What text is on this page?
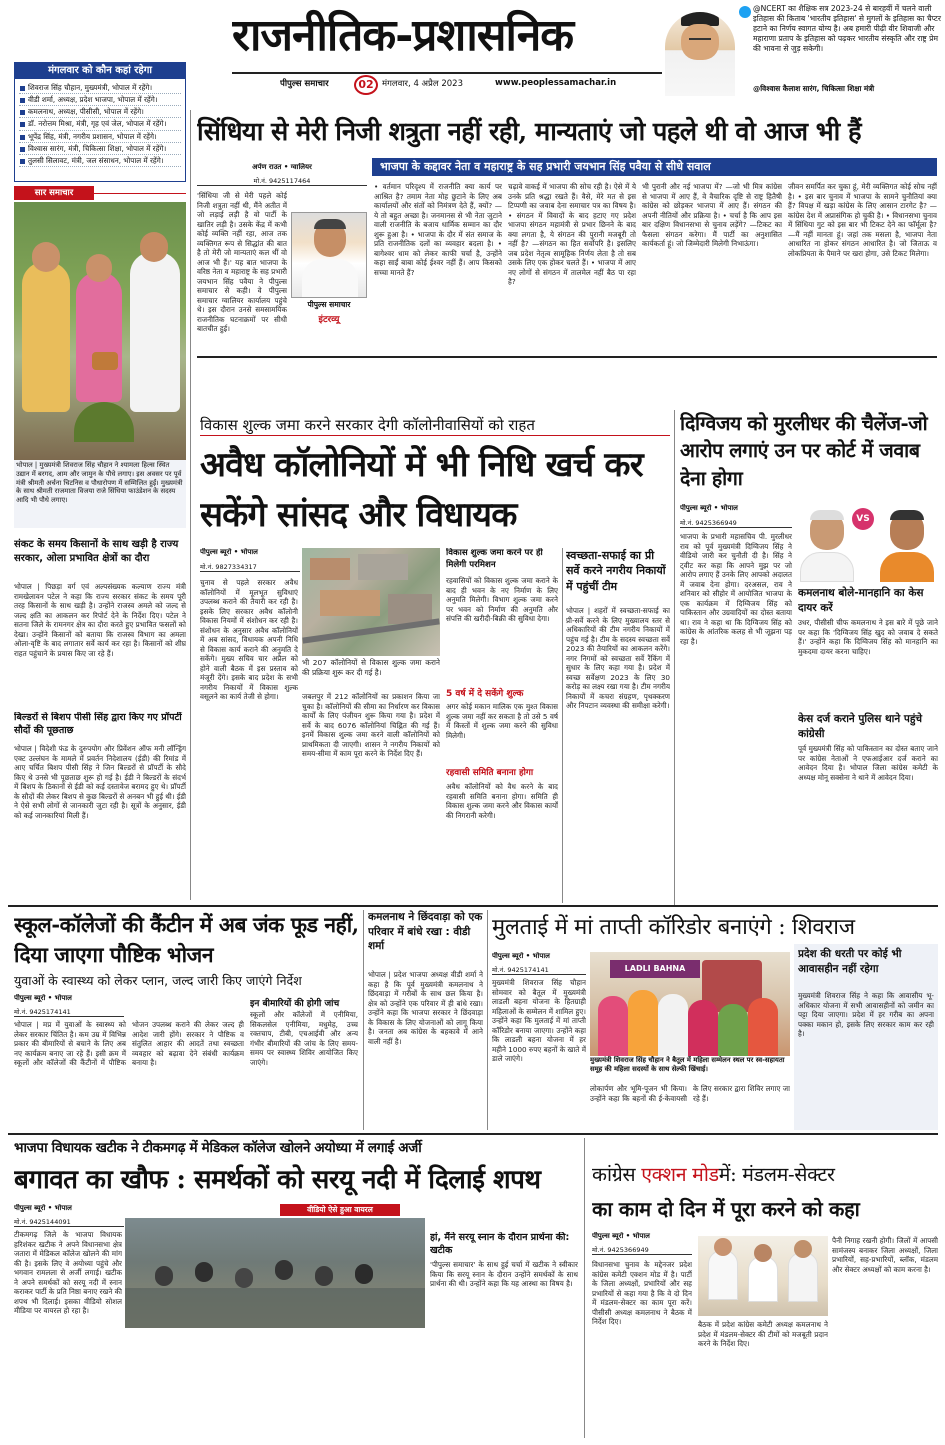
राजनीतिक-प्रशासनिक
पीपुल्स समाचार	02 मंगलवार, 4 अप्रैल 2023	www.peoplessamachar.in
@NCERT का शैक्षिक सत्र 2023-24 से बारहवीं में चलने वाली इतिहास की किताब 'भारतीय इतिहास' से मुगलों के इतिहास का चैप्टर हटाने का निर्णय स्वागत योग्य है। अब हमारी पीढ़ी वीर शिवाजी और महाराणा प्रताप के इतिहास को पढ़कर भारतीय संस्कृति और राष्ट्र प्रेम की भावना से जुड़ सकेगी।
@विश्वास कैलाश सारंग, चिकित्सा शिक्षा मंत्री
मंगलवार को कौन कहां रहेगा
शिवराज सिंह चौहान, मुख्यमंत्री, भोपाल में रहेंगे।
वीडी शर्मा, अध्यक्ष, प्रदेश भाजपा, भोपाल में रहेंगे।
कमलनाथ, अध्यक्ष, पीसीसी, भोपाल में रहेंगे।
डॉ. नरोत्तम मिश्रा, मंत्री, गृह एवं जेल, भोपाल में रहेंगे।
भूपेंद्र सिंह, मंत्री, नगरीय प्रशासन, भोपाल में रहेंगे।
विश्वास सारंग, मंत्री, चिकित्सा शिक्षा, भोपाल में रहेंगे।
तुलसी सिलावट, मंत्री, जल संसाधन, भोपाल में रहेंगे।
सार समाचार
भोपाल | मुख्यमंत्री शिवराज सिंह चौहान ने श्यामला हिल्स स्थित उद्यान में बरगद, आम और जामुन के पौधे लगाए। इस अवसर पर पूर्व मंत्री श्रीमती अर्चना चिटनिस व पौधारोपण में सम्मिलित हुईं। मुख्यमंत्री के साथ श्रीमती राजमाता विजया राजे सिंधिया फाउंडेशन के सदस्य आदि भी पौधे लगाए।
संकट के समय किसानों के साथ खड़ी है राज्य सरकार, ओला प्रभावित क्षेत्रों का दौरा
भोपाल | पिछड़ा वर्ग एवं अल्पसंख्यक कल्याण राज्य मंत्री रामखेलावन पटेल ने कहा कि राज्य सरकार संकट के समय पूरी तरह किसानों के साथ खड़ी है। उन्होंने राजस्व अमले को जल्द से जल्द क्षति का आकलन कर रिपोर्ट देने के निर्देश दिए। पटेल ने सतना जिले के रामनगर क्षेत्र का दौरा करते हुए प्रभावित फसलों को देखा। उन्होंने किसानों को बताया कि राजस्व विभाग का अमला ओला-वृष्टि के बाद लगातार सर्वे कार्य कर रहा है। किसानों को शीघ्र राहत पहुंचाने के प्रयास किए जा रहे हैं।
बिल्डरों से बिशप पीसी सिंह द्वारा किए गए प्रॉपर्टी सौदों की पूछताछ
भोपाल | विदेशी फंड के दुरुपयोग और प्रिवेंशन ऑफ मनी लॉन्ड्रिंग एक्ट उल्लंघन के मामले में प्रवर्तन निदेशालय (ईडी) की रिमांड में आए चर्चित बिशप पीसी सिंह ने जिन बिल्डरों से प्रॉपर्टी के सौदे किए थे उनसे भी पूछताछ शुरू हो गई है। ईडी ने बिल्डरों के संदर्भ में बिशप के ठिकानों से ईडी को कई दस्तावेज बरामद हुए थे। प्रॉपर्टी के सौदों की लेकर बिशप से कुछ बिल्डरों से अनबन भी हुई थी। ईडी ने ऐसे सभी लोगों से जानकारी जुटा रही है। सूत्रों के अनुसार, ईडी को कई जानकारियां मिली हैं।
सिंधिया से मेरी निजी शत्रुता नहीं रही, मान्यताएं जो पहले थी वो आज भी हैं
भाजपा के कद्दावर नेता व महाराष्ट्र के सह प्रभारी जयभान सिंह पवैया से सीधे सवाल
अर्पण राउत • ग्वालियर
मो.नं. 9425117464
'सिंधिया जी से मेरी पहले कोई निजी शत्रुता नहीं थी, मैंने अतीत में जो लड़ाई लड़ी है वो पार्टी के खातिर लड़ी है। उसके केंद्र में कभी कोई व्यक्ति नहीं रहा, आज तक व्यक्तिगत रूप से सिद्धांत की बात है तो मेरी जो मान्यताएं कल थीं वो आज भी हैं।' यह बात भाजपा के वरिष्ठ नेता व महाराष्ट्र के सह प्रभारी जयभान सिंह पवैया ने पीपुल्स समाचार से कही। वे पीपुल्स समाचार ग्वालियर कार्यालय पहुंचे थे। इस दौरान उनसे समसामयिक राजनीतिक घटनाक्रमों पर सीधी बातचीत हुई।
पीपुल्स समाचार
इंटरव्यू
• वर्तमान परिदृश्य में राजनीति क्या कार्य पर आश्रित है? तमाम नेता मोह छुटाने के लिए अब कार्यालयों और संतों को निमंत्रण देते हैं, क्यों? —ये तो बहुत अच्छा है। जनमानस से भी नेता जुटाने वाली राजनीति के बजाय धार्मिक सम्मान का दौर शुरू हुआ है। • भाजपा के दौर में संत समाज के प्रति राजनीतिक दलों का व्यवहार बदला है। • बागेश्वर धाम को लेकर काफी चर्चा है, उन्होंने कहा साईं बाबा कोई ईश्वर नहीं हैं। आप किसको सच्चा मानते हैं?
चढ़ावे वाकई में भाजपा की सोच रही है। ऐसे में ये उनके प्रति श्रद्धा रखते हैं। वैसे, मेरे मत से इस टिप्पणी का जवाब देना समाचार पत्र का विषय है। • संगठन में विवादों के बाद हटाए गए प्रदेश भाजपा संगठन महामंत्री से प्रभार छिनने के बाद क्या लगता है, ये संगठन की पुरानी मजबूरी तो नहीं है? —संगठन का हित सर्वोपरि है। इसलिए जब प्रदेश नेतृत्व सामूहिक निर्णय लेता है तो सब उसके लिए एक होकर चलते हैं। • भाजपा में आए नए लोगों से संगठन में तालमेल नहीं बैठ पा रहा है?
भी पुरानी और नई भाजपा में? —जो भी मित्र कांग्रेस से भाजपा में आए हैं, वे वैचारिक दृष्टि से राष्ट्र हितैषी कांग्रेस को छोड़कर भाजपा में आए हैं। संगठन की अपनी नीतियों और प्रक्रिया है। • चर्चा है कि आप इस बार दक्षिण विधानसभा से चुनाव लड़ेंगे? —टिकट का फैसला संगठन करेगा। मैं पार्टी का अनुशासित कार्यकर्ता हूं। जो जिम्मेदारी मिलेगी निभाऊंगा।
जीवन समर्पित कर चुका हूं, मेरी व्यक्तिगत कोई सोच नहीं है। • इस बार चुनाव में भाजपा के सामने चुनौतियां क्या हैं? विपक्ष में खड़ा कांग्रेस के लिए आसान टारगेट है? —कांग्रेस देश में अप्रासंगिक हो चुकी है। • विधानसभा चुनाव में सिंधिया गुट को इस बार भी टिकट देने का फॉर्मूला है? —मैं नहीं मानता हूं। जहां तक मसला है, भाजपा नेता आधारित ना होकर संगठन आधारित है। जो जिताऊ व लोकप्रियता के पैमाने पर खरा होगा, उसे टिकट मिलेगा।
विकास शुल्क जमा करने सरकार देगी कॉलोनीवासियों को राहत
अवैध कॉलोनियों में भी निधि खर्च कर सकेंगे सांसद और विधायक
पीपुल्स ब्यूरो • भोपाल
मो.नं. 9827334317
भी 207 कॉलोनियों से विकास शुल्क जमा कराने की प्रक्रिया शुरू कर दी गई है।
चुनाव से पहले सरकार अवैध कॉलोनियों में मूलभूत सुविधाएं उपलब्ध कराने की तैयारी कर रही है। इसके लिए सरकार अवैध कॉलोनी विकास नियमों में संशोधन कर रही है। संशोधन के अनुसार अवैध कॉलोनियों में अब सांसद, विधायक अपनी निधि से विकास कार्य कराने की अनुमति दे सकेंगे। मुख्य सचिव चार अप्रैल को होने वाली बैठक में इस प्रस्ताव को मंजूरी देंगे। इसके बाद प्रदेश के सभी नगरीय निकायों में विकास शुल्क वसूलने का कार्य तेजी से होगा।	जबलपुर में 212 कॉलोनियों का प्रकाशन किया जा चुका है। कॉलोनियों की सीमा का निर्धारण कर विकास कार्यों के लिए पंजीयन शुरू किया गया है। प्रदेश में सर्वे के बाद 6076 कॉलोनियां चिह्नित की गई हैं। इनमें विकास शुल्क जमा करने वाली कॉलोनियों को प्राथमिकता दी जाएगी। शासन ने नगरीय निकायों को समय-सीमा में काम पूरा करने के निर्देश दिए हैं।
विकास शुल्क जमा करने पर ही मिलेगी परमिशन
रहवासियों को विकास शुल्क जमा कराने के बाद ही भवन के नए निर्माण के लिए अनुमति मिलेगी। विभाग शुल्क जमा करने पर भवन को निर्माण की अनुमति और संपत्ति की खरीदी-बिक्री की सुविधा देगा।
5 वर्ष में दे सकेंगे शुल्क
अगर कोई मकान मालिक एक मुश्त विकास शुल्क जमा नहीं कर सकता है तो उसे 5 वर्ष में किस्तों में शुल्क जमा करने की सुविधा मिलेगी।
रहवासी समिति बनाना होगा
अवैध कॉलोनियों को वैध करने के बाद रहवासी समिति बनाना होगा। समिति ही विकास शुल्क जमा करने और विकास कार्यों की निगरानी करेगी।
स्वच्छता-सफाई का प्री सर्वे करने नगरीय निकायों में पहुंचीं टीम
भोपाल | शहरों में स्वच्छता-सफाई का प्री-सर्वे करने के लिए मुख्यालय स्तर से अधिकारियों की टीम नगरीय निकायों में पहुंच गई है। टीम के सदस्य स्वच्छता सर्वे 2023 की तैयारियों का आकलन करेंगे। नगर निगमों को स्वच्छता सर्वे रैंकिंग में सुधार के लिए कहा गया है। प्रदेश में स्वच्छ सर्वेक्षण 2023 के लिए 30 करोड़ का लक्ष्य रखा गया है। टीम नगरीय निकायों में कचरा संग्रहण, पृथक्करण और निपटान व्यवस्था की समीक्षा करेगी।
दिग्विजय को मुरलीधर की चैलेंज-जो आरोप लगाएं उन पर कोर्ट में जवाब देना होगा
पीपुल्स ब्यूरो • भोपाल
मो.नं. 9425366949
भाजपा के प्रभारी महासचिव पी. मुरलीधर राव को पूर्व मुख्यमंत्री दिग्विजय सिंह ने वीडियो जारी कर चुनौती दी है। सिंह ने ट्वीट कर कहा कि आपने मुझ पर जो आरोप लगाए हैं उनके लिए आपको अदालत में जवाब देना होगा। दरअसल, राव ने शनिवार को सीहोर में आयोजित भाजपा के एक कार्यक्रम में दिग्विजय सिंह को पाकिस्तान और उग्रवादियों का दोस्त बताया था। राव ने कहा था कि दिग्विजय सिंह को कांग्रेस के आंतरिक कलह से भी जूझना पड़ रहा है।
VS
कमलनाथ बोले-मानहानि का केस दायर करें
उधर, पीसीसी चीफ कमलनाथ ने इस बारे में पूछे जाने पर कहा कि 'दिग्विजय सिंह खुद को जवाब दे सकते हैं।' उन्होंने कहा कि दिग्विजय सिंह को मानहानि का मुकदमा दायर करना चाहिए।
केस दर्ज कराने पुलिस थाने पहुंचे कांग्रेसी
पूर्व मुख्यमंत्री सिंह को पाकिस्तान का दोस्त बताए जाने पर कांग्रेस नेताओं ने एफआईआर दर्ज कराने का आवेदन दिया है। भोपाल जिला कांग्रेस कमेटी के अध्यक्ष मोनू सक्सेना ने थाने में आवेदन दिया।
स्कूल-कॉलेजों की कैंटीन में अब जंक फूड नहीं, दिया जाएगा पौष्टिक भोजन
युवाओं के स्वास्थ्य को लेकर प्लान, जल्द जारी किए जाएंगे निर्देश
पीपुल्स ब्यूरो • भोपाल
मो.नं. 9425174141
भोपाल | मप्र में युवाओं के स्वास्थ्य को लेकर सरकार चिंतित है। कम उम्र में विभिन्न प्रकार की बीमारियों से बचाने के लिए अब नए कार्यक्रम बनाए जा रहे हैं। इसी क्रम में स्कूलों और कॉलेजों की कैंटीनों में पौष्टिक भोजन उपलब्ध कराने की लेकर जल्द ही आदेश जारी होंगे। सरकार ने पौष्टिक व संतुलित आहार की आदतें तथा स्वच्छता व्यवहार को बढ़ावा देने संबंधी कार्यक्रम बनाया है।
इन बीमारियों की होगी जांच
स्कूलों और कॉलेजों में एनीमिया, सिकलसेल एनीमिया, मधुमेह, उच्च रक्तचाप, टीबी, एचआईवी और अन्य गंभीर बीमारियों की जांच के लिए समय-समय पर स्वास्थ्य शिविर आयोजित किए जाएंगे।
कमलनाथ ने छिंदवाड़ा को एक परिवार में बांधे रखा : वीडी शर्मा
भोपाल | प्रदेश भाजपा अध्यक्ष वीडी शर्मा ने कहा है कि पूर्व मुख्यमंत्री कमलनाथ ने छिंदवाड़ा में गरीबों के साथ छल किया है। क्षेत्र को उन्होंने एक परिवार में ही बांधे रखा। उन्होंने कहा कि भाजपा सरकार ने छिंदवाड़ा के विकास के लिए योजनाओं को लागू किया है। जनता अब कांग्रेस के बहकावे में आने वाली नहीं है।
मुलताई में मां ताप्ती कॉरिडोर बनाएंगे : शिवराज
पीपुल्स ब्यूरो • भोपाल
मो.नं. 9425174141
मुख्यमंत्री शिवराज सिंह चौहान सोमवार को बैतूल में मुख्यमंत्री लाडली बहना योजना के हितग्राही महिलाओं के सम्मेलन में शामिल हुए। उन्होंने कहा कि मुलताई में मां ताप्ती कॉरिडोर बनाया जाएगा। उन्होंने कहा कि लाडली बहना योजना में हर महीने 1000 रुपए बहनों के खाते में डाले जाएंगे।
LADLI BAHNA
मुख्यमंत्री शिवराज सिंह चौहान ने बैतूल में महिला सम्मेलन स्थल पर स्व-सहायता समूह की महिला सदस्यों के साथ सेल्फी खिंचाई।
लोकार्पण और भूमि-पूजन भी किया। उन्होंने कहा कि बहनों की ई-केवायसी के लिए सरकार द्वारा शिविर लगाए जा रहे हैं।
प्रदेश की धरती पर कोई भी आवासहीन नहीं रहेगा
मुख्यमंत्री शिवराज सिंह ने कहा कि आवासीय भू-अधिकार योजना में सभी आवासहीनों को जमीन का पट्टा दिया जाएगा। प्रदेश में हर गरीब का अपना पक्का मकान हो, इसके लिए सरकार काम कर रही है।
भाजपा विधायक खटीक ने टीकमगढ़ में मेडिकल कॉलेज खोलने अयोध्या में लगाई अर्जी
बगावत का खौफ : समर्थकों को सरयू नदी में दिलाई शपथ
पीपुल्स ब्यूरो • भोपाल
मो.नं. 9425144091
वीडियो ऐसे हुआ वायरल
टीकमगढ़ जिले के भाजपा विधायक हरिशंकर खटीक ने अपने विधानसभा क्षेत्र जतारा में मेडिकल कॉलेज खोलने की मांग की है। इसके लिए वे अयोध्या पहुंचे और भगवान रामलला से अर्जी लगाई। खटीक ने अपने समर्थकों को सरयू नदी में स्नान कराकर पार्टी के प्रति निष्ठा बनाए रखने की शपथ भी दिलाई। इसका वीडियो सोशल मीडिया पर वायरल हो रहा है।
हां, मैंने सरयू स्नान के दौरान प्रार्थना की: खटीक
'पीपुल्स समाचार' के साथ हुई चर्चा में खटीक ने स्वीकार किया कि सरयू स्नान के दौरान उन्होंने समर्थकों के साथ प्रार्थना की थी। उन्होंने कहा कि यह आस्था का विषय है।
कांग्रेस एक्शन मोडमें: मंडलम-सेक्टर
का काम दो दिन में पूरा करने को कहा
पीपुल्स ब्यूरो • भोपाल
मो.नं. 9425366949
विधानसभा चुनाव के मद्देनजर प्रदेश कांग्रेस कमेटी एक्शन मोड में है। पार्टी के जिला अध्यक्षों, प्रभारियों और सह प्रभारियों से कहा गया है कि वे दो दिन में मंडलम-सेक्टर का काम पूरा करें। पीसीसी अध्यक्ष कमलनाथ ने बैठक में निर्देश दिए।	बैठक में प्रदेश कांग्रेस कमेटी अध्यक्ष कमलनाथ ने प्रदेश में मंडलम-सेक्टर की टीमों को मजबूती प्रदान करने के निर्देश दिए।
पैनी निगाह रखनी होगी। जिलों में आपसी सामंजस्य बनाकर जिला अध्यक्षों, जिला प्रभारियों, सह-प्रभारियों, ब्लॉक, मंडलम और सेक्टर अध्यक्षों को काम करना है।
